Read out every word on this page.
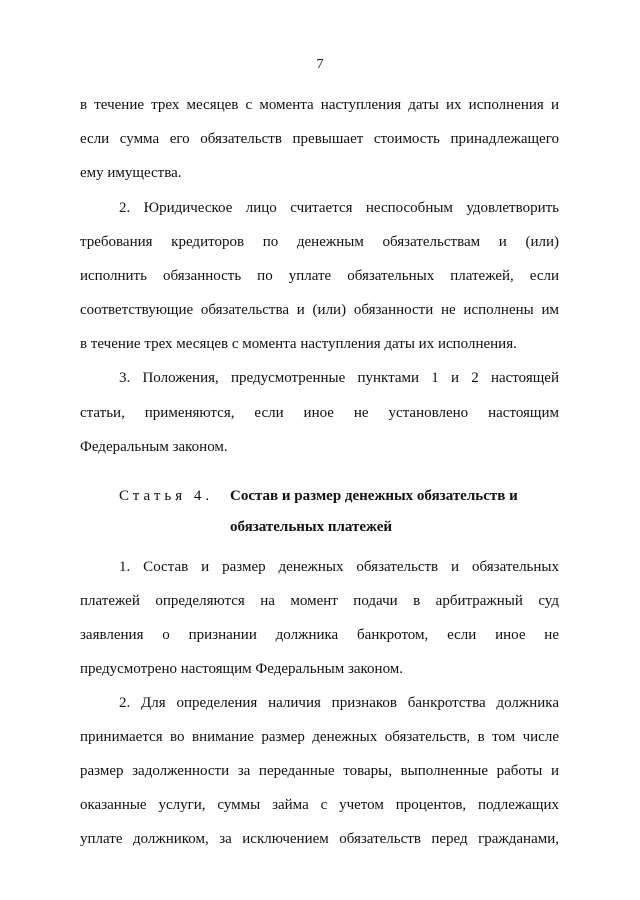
7
в течение трех месяцев с момента наступления даты их исполнения и
если сумма его обязательств превышает стоимость принадлежащего
ему имущества.
2. Юридическое лицо считается неспособным удовлетворить
требования кредиторов по денежным обязательствам и (или)
исполнить обязанность по уплате обязательных платежей, если
соответствующие обязательства и (или) обязанности не исполнены им
в течение трех месяцев с момента наступления даты их исполнения.
3. Положения, предусмотренные пунктами 1 и 2 настоящей
статьи, применяются, если иное не установлено настоящим
Федеральным законом.
Статья 4. Состав и размер денежных обязательств и
обязательных платежей
1. Состав и размер денежных обязательств и обязательных
платежей определяются на момент подачи в арбитражный суд
заявления о признании должника банкротом, если иное не
предусмотрено настоящим Федеральным законом.
2. Для определения наличия признаков банкротства должника
принимается во внимание размер денежных обязательств, в том числе
размер задолженности за переданные товары, выполненные работы и
оказанные услуги, суммы займа с учетом процентов, подлежащих
уплате должником, за исключением обязательств перед гражданами,
